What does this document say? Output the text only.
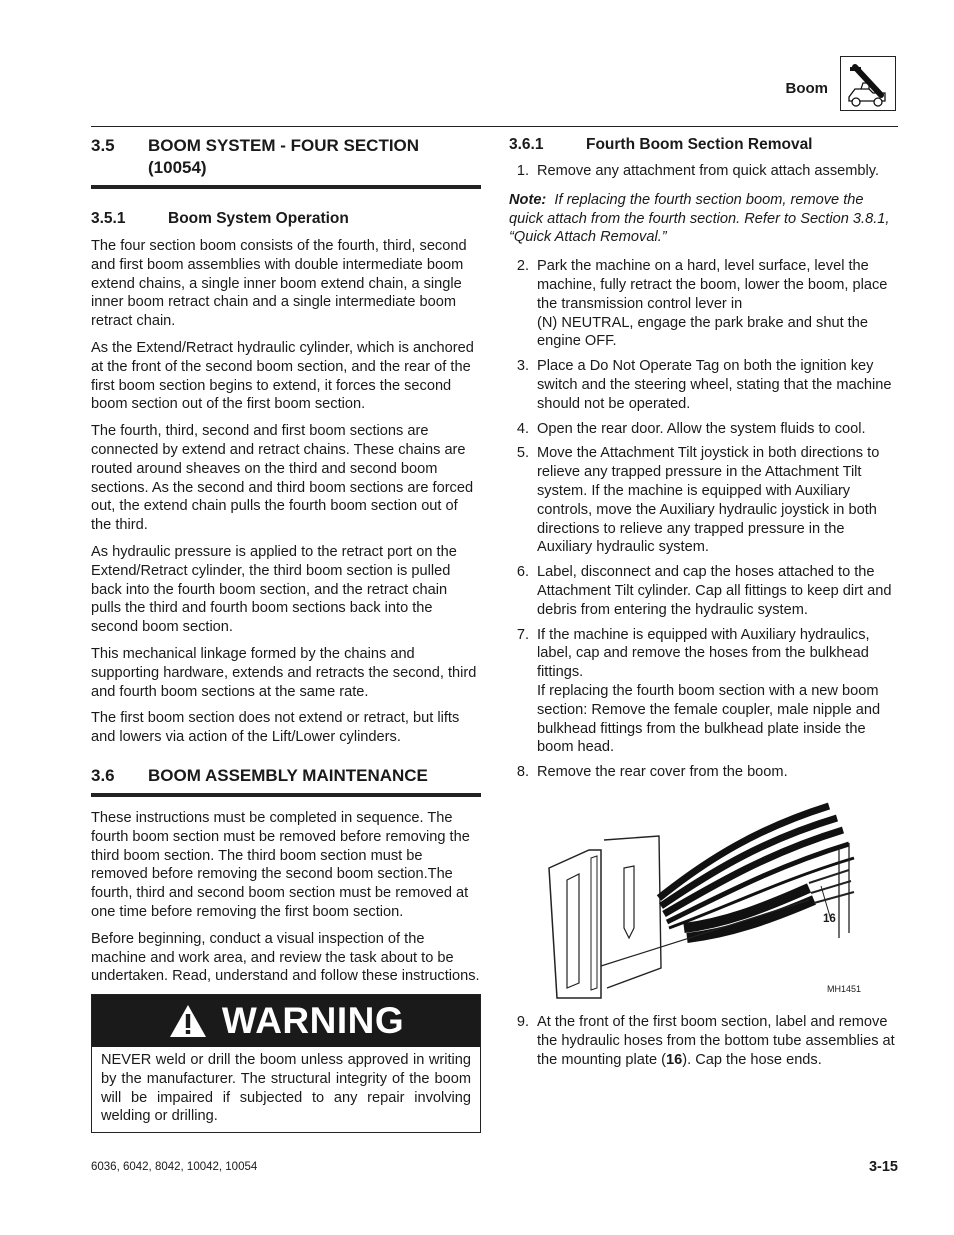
Boom
3.5	BOOM SYSTEM - FOUR SECTION
(10054)
3.5.1	Boom System Operation

The four section boom consists of the fourth, third, second and first boom assemblies with double intermediate boom extend chains, a single inner boom extend chain, a single inner boom retract chain and a single intermediate boom retract chain.

As the Extend/Retract hydraulic cylinder, which is anchored at the front of the second boom section, and the rear of the first boom section begins to extend, it forces the second boom section out of the first boom section.

The fourth, third, second and first boom sections are connected by extend and retract chains. These chains are routed around sheaves on the third and second boom sections. As the second and third boom sections are forced out, the extend chain pulls the fourth boom section out of the third.

As hydraulic pressure is applied to the retract port on the Extend/Retract cylinder, the third boom section is pulled back into the fourth boom section, and the retract chain pulls the third and fourth boom sections back into the second boom section.

This mechanical linkage formed by the chains and supporting hardware, extends and retracts the second, third and fourth boom sections at the same rate.

The first boom section does not extend or retract, but lifts and lowers via action of the Lift/Lower cylinders.

3.6	BOOM ASSEMBLY MAINTENANCE

These instructions must be completed in sequence. The fourth boom section must be removed before removing the third boom section. The third boom section must be removed before removing the second boom section.The fourth, third and second boom section must be removed at one time before removing the first boom section.

Before beginning, conduct a visual inspection of the machine and work area, and review the task about to be undertaken. Read, understand and follow these instructions.

WARNING
NEVER weld or drill the boom unless approved in writing by the manufacturer. The structural integrity of the boom will be impaired if subjected to any repair involving welding or drilling.
3.6.1	Fourth Boom Section Removal
1. Remove any attachment from quick attach assembly.
Note: If replacing the fourth section boom, remove the quick attach from the fourth section. Refer to Section 3.8.1, “Quick Attach Removal.”
2. Park the machine on a hard, level surface, level the machine, fully retract the boom, lower the boom, place the transmission control lever in
(N) NEUTRAL, engage the park brake and shut the engine OFF.
3. Place a Do Not Operate Tag on both the ignition key switch and the steering wheel, stating that the machine should not be operated.
4. Open the rear door. Allow the system fluids to cool.
5. Move the Attachment Tilt joystick in both directions to relieve any trapped pressure in the Attachment Tilt system. If the machine is equipped with Auxiliary controls, move the Auxiliary hydraulic joystick in both directions to relieve any trapped pressure in the Auxiliary hydraulic system.
6. Label, disconnect and cap the hoses attached to the Attachment Tilt cylinder. Cap all fittings to keep dirt and debris from entering the hydraulic system.
7. If the machine is equipped with Auxiliary hydraulics, label, cap and remove the hoses from the bulkhead fittings.
If replacing the fourth boom section with a new boom section: Remove the female coupler, male nipple and bulkhead fittings from the bulkhead plate inside the boom head.
8. Remove the rear cover from the boom.
16
MH1451
9. At the front of the first boom section, label and remove the hydraulic hoses from the bottom tube assemblies at the mounting plate (16). Cap the hose ends.
6036, 6042, 8042, 10042, 10054	3-15
